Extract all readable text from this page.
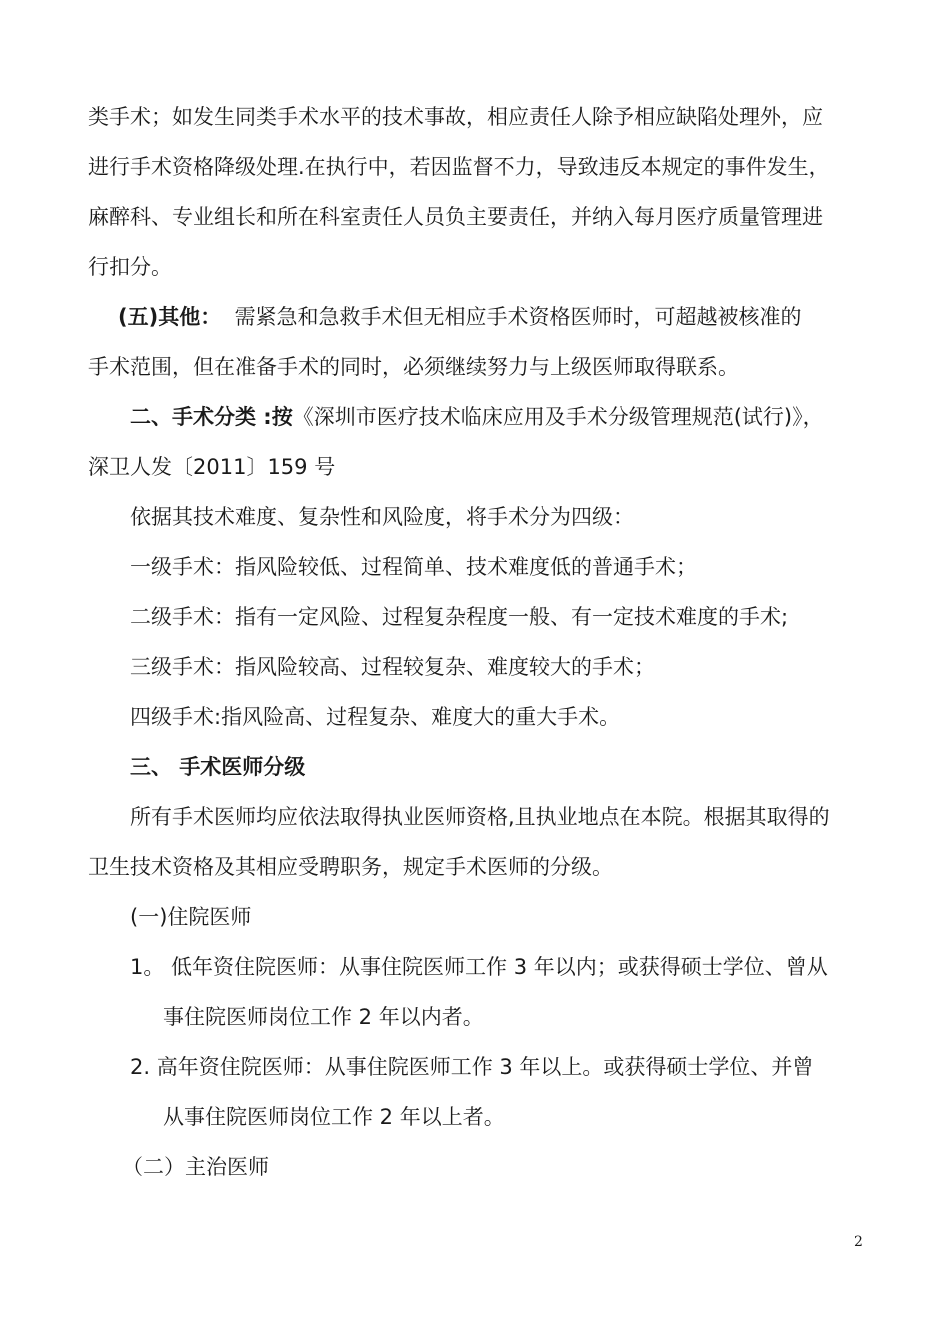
类手术；如发生同类手术水平的技术事故，相应责任人除予相应缺陷处理外，应
进行手术资格降级处理.在执行中，若因监督不力，导致违反本规定的事件发生，
麻醉科、专业组长和所在科室责任人员负主要责任，并纳入每月医疗质量管理进
行扣分。
(五)其他： 需紧急和急救手术但无相应手术资格医师时，可超越被核准的
手术范围，但在准备手术的同时，必须继续努力与上级医师取得联系。
二、手术分类 :按《深圳市医疗技术临床应用及手术分级管理规范(试行)》，
深卫人发〔2011〕159 号
依据其技术难度、复杂性和风险度，将手术分为四级：
一级手术：指风险较低、过程简单、技术难度低的普通手术；
二级手术：指有一定风险、过程复杂程度一般、有一定技术难度的手术;
三级手术：指风险较高、过程较复杂、难度较大的手术；
四级手术:指风险高、过程复杂、难度大的重大手术。
三、 手术医师分级
所有手术医师均应依法取得执业医师资格,且执业地点在本院。根据其取得的
卫生技术资格及其相应受聘职务，规定手术医师的分级。
(一)住院医师
1。 低年资住院医师：从事住院医师工作 3 年以内；或获得硕士学位、曾从
事住院医师岗位工作 2 年以内者。
2. 高年资住院医师：从事住院医师工作 3 年以上。或获得硕士学位、并曾
从事住院医师岗位工作 2 年以上者。
（二）主治医师
2
